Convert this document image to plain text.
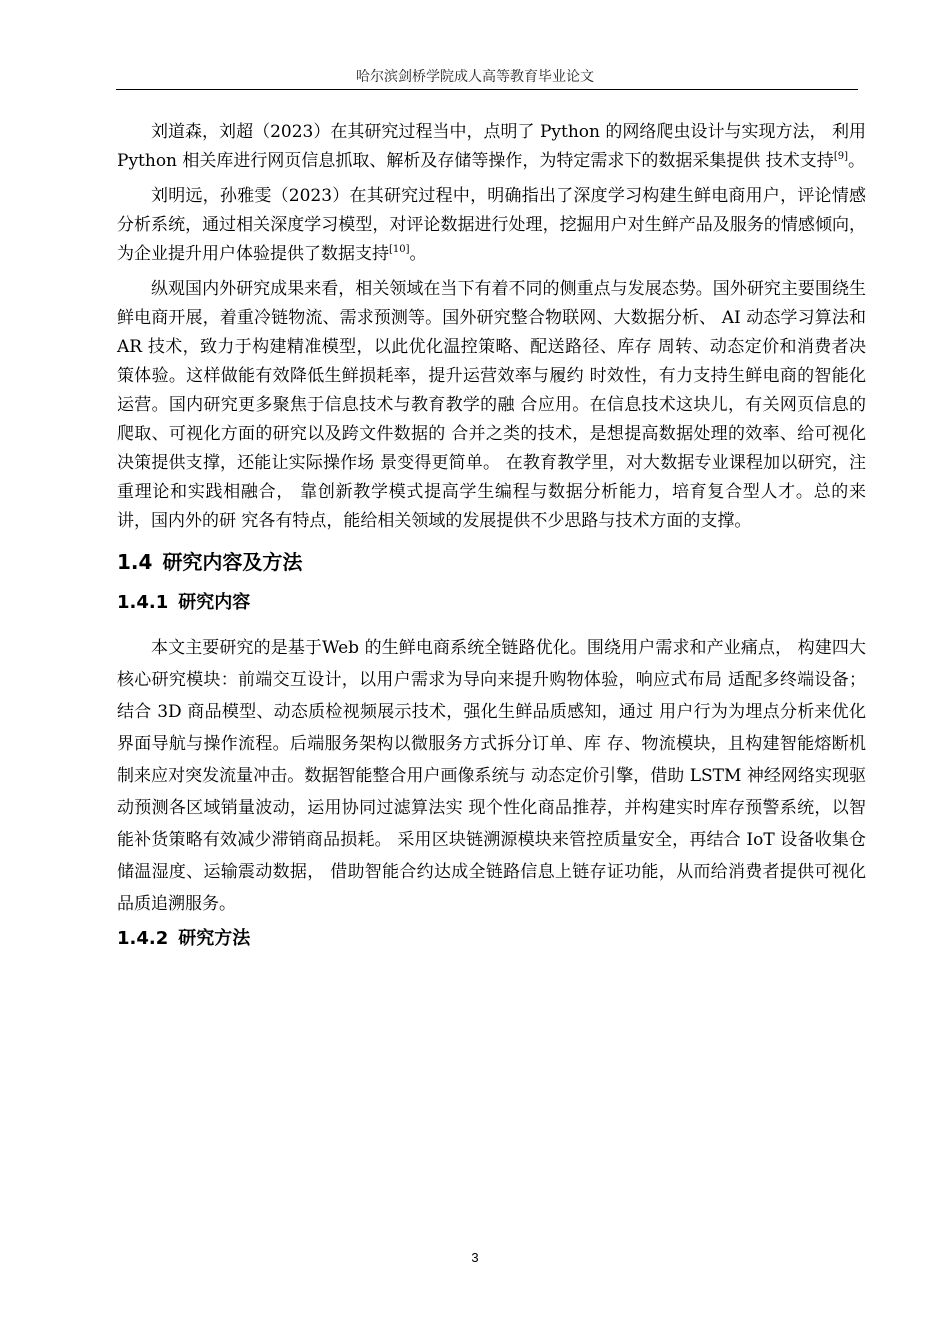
哈尔滨剑桥学院成人高等教育毕业论文

刘道森，刘超（2023）在其研究过程当中，点明了 Python 的网络爬虫设计与实现方法， 利用 Python 相关库进行网页信息抓取、解析及存储等操作，为特定需求下的数据采集提供 技术支持[9]。

刘明远，孙雅雯（2023）在其研究过程中，明确指出了深度学习构建生鲜电商用户，评论情感分析系统，通过相关深度学习模型，对评论数据进行处理，挖掘用户对生鲜产品及服务的情感倾向，为企业提升用户体验提供了数据支持[10]。

纵观国内外研究成果来看，相关领域在当下有着不同的侧重点与发展态势。国外研究主要围绕生鲜电商开展，着重冷链物流、需求预测等。国外研究整合物联网、大数据分析、 AI 动态学习算法和 AR 技术，致力于构建精准模型，以此优化温控策略、配送路径、库存 周转、动态定价和消费者决策体验。这样做能有效降低生鲜损耗率，提升运营效率与履约 时效性，有力支持生鲜电商的智能化运营。国内研究更多聚焦于信息技术与教育教学的融 合应用。在信息技术这块儿，有关网页信息的爬取、可视化方面的研究以及跨文件数据的 合并之类的技术，是想提高数据处理的效率、给可视化决策提供支撑，还能让实际操作场 景变得更简单。 在教育教学里，对大数据专业课程加以研究，注重理论和实践相融合， 靠创新教学模式提高学生编程与数据分析能力，培育复合型人才。总的来讲，国内外的研 究各有特点，能给相关领域的发展提供不少思路与技术方面的支撑。

1.4 研究内容及方法
1.4.1 研究内容

本文主要研究的是基于Web 的生鲜电商系统全链路优化。围绕用户需求和产业痛点， 构建四大核心研究模块：前端交互设计，以用户需求为导向来提升购物体验，响应式布局 适配多终端设备；结合 3D 商品模型、动态质检视频展示技术，强化生鲜品质感知，通过 用户行为为埋点分析来优化界面导航与操作流程。后端服务架构以微服务方式拆分订单、库 存、物流模块，且构建智能熔断机制来应对突发流量冲击。数据智能整合用户画像系统与 动态定价引擎，借助 LSTM 神经网络实现驱动预测各区域销量波动，运用协同过滤算法实 现个性化商品推荐，并构建实时库存预警系统，以智能补货策略有效减少滞销商品损耗。 采用区块链溯源模块来管控质量安全，再结合 IoT 设备收集仓储温湿度、运输震动数据， 借助智能合约达成全链路信息上链存证功能，从而给消费者提供可视化品质追溯服务。

1.4.2 研究方法
3
